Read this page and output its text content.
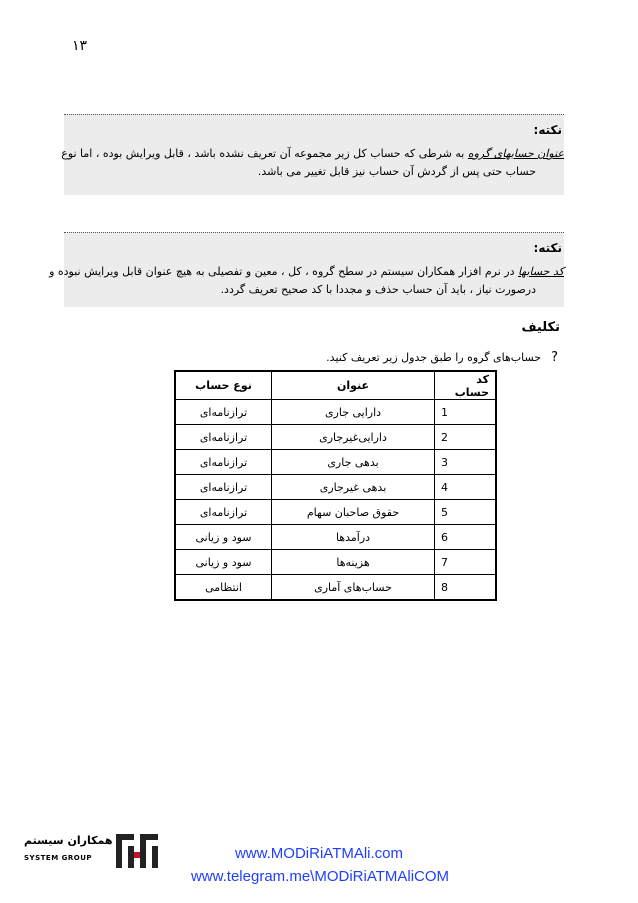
۱۳
نکته:
عنوان حسابهای گروه به شرطی که حساب کل زیر مجموعه آن تعریف نشده باشد ، قابل ویرایش بوده ، اما نوع
حساب حتی پس از گردش آن حساب نیز قابل تغییر می باشد.
نکته:
کد حسابها در نرم افزار همکاران سیستم در سطح گروه ، کل ، معین و تفصیلی به هیچ عنوان قابل ویرایش نبوده و
درصورت نیاز ، باید آن حساب حذف و مجددا با کد صحیح تعریف گردد.
تکلیف
?حساب‌های گروه را طبق جدول زیر تعریف کنید.
کد حساب	عنوان	نوع حساب
1	دارایی جاری	ترازنامه‌ای
2	دارایی‌غیرجاری	ترازنامه‌ای
3	بدهی جاری	ترازنامه‌ای
4	بدهی غیرجاری	ترازنامه‌ای
5	حقوق صاحبان سهام	ترازنامه‌ای
6	درآمدها	سود و زیانی
7	هزینه‌ها	سود و زیانی
8	حساب‌های آماری	انتظامی
همکاران سیستم
SYSTEM GROUP	www.MODiRiATMAli.com
www.telegram.me\MODiRiATMAliCOM
